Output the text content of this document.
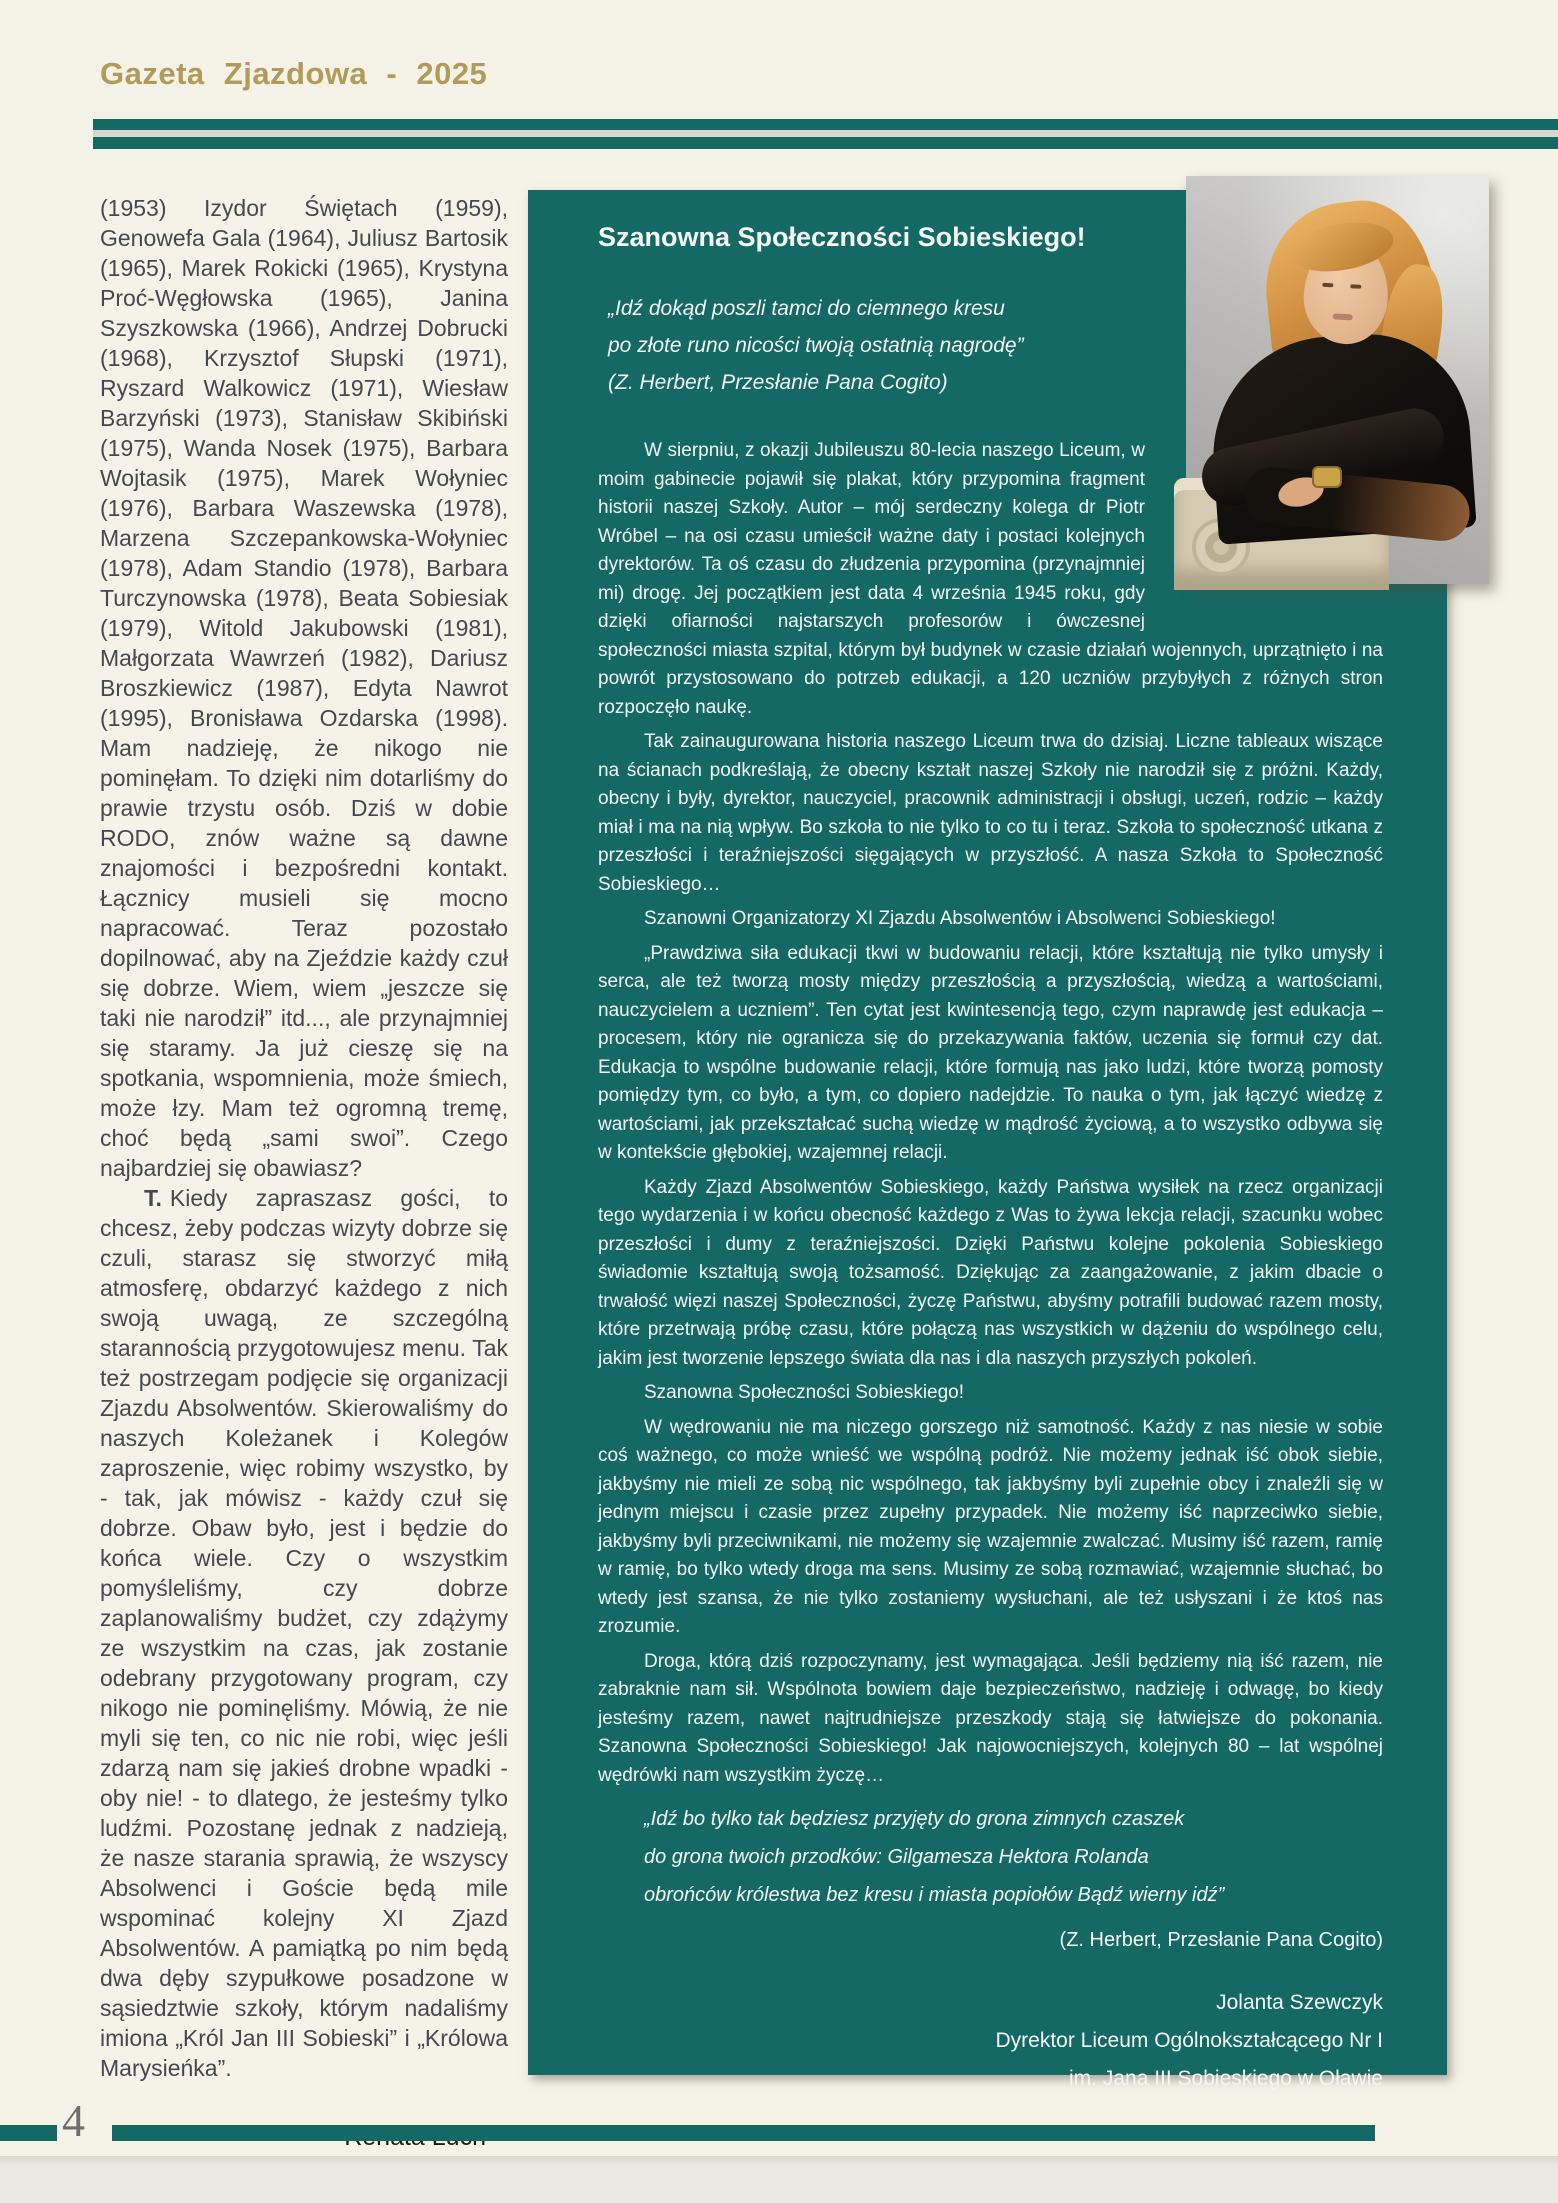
Gazeta Zjazdowa - 2025

(1953) Izydor Świętach (1959), Genowefa Gala (1964), Juliusz Bartosik (1965), Marek Rokicki (1965), Krystyna Proć-Węgłowska (1965), Janina Szyszkowska (1966), Andrzej Dobrucki (1968), Krzysztof Słupski (1971), Ryszard Walkowicz (1971), Wiesław Barzyński (1973), Stanisław Skibiński (1975), Wanda Nosek (1975), Barbara Wojtasik (1975), Marek Wołyniec (1976), Barbara Waszewska (1978), Marzena Szczepankowska-Wołyniec (1978), Adam Standio (1978), Barbara Turczynowska (1978), Beata Sobiesiak (1979), Witold Jakubowski (1981), Małgorzata Wawrzeń (1982), Dariusz Broszkiewicz (1987), Edyta Nawrot (1995), Bronisława Ozdarska (1998). Mam nadzieję, że nikogo nie pominęłam. To dzięki nim dotarliśmy do prawie trzystu osób. Dziś w dobie RODO, znów ważne są dawne znajomości i bezpośredni kontakt. Łącznicy musieli się mocno napracować. Teraz pozostało dopilnować, aby na Zjeździe każdy czuł się dobrze. Wiem, wiem „jeszcze się taki nie narodził” itd..., ale przynajmniej się staramy. Ja już cieszę się na spotkania, wspomnienia, może śmiech, może łzy. Mam też ogromną tremę, choć będą „sami swoi”. Czego najbardziej się obawiasz?

T. Kiedy zapraszasz gości, to chcesz, żeby podczas wizyty dobrze się czuli, starasz się stworzyć miłą atmosferę, obdarzyć każdego z nich swoją uwagą, ze szczególną starannością przygotowujesz menu. Tak też postrzegam podjęcie się organizacji Zjazdu Absolwentów. Skierowaliśmy do naszych Koleżanek i Kolegów zaproszenie, więc robimy wszystko, by - tak, jak mówisz - każdy czuł się dobrze. Obaw było, jest i będzie do końca wiele. Czy o wszystkim pomyśleliśmy, czy dobrze zaplanowaliśmy budżet, czy zdążymy ze wszystkim na czas, jak zostanie odebrany przygotowany program, czy nikogo nie pominęliśmy. Mówią, że nie myli się ten, co nic nie robi, więc jeśli zdarzą nam się jakieś drobne wpadki - oby nie! - to dlatego, że jesteśmy tylko ludźmi. Pozostanę jednak z nadzieją, że nasze starania sprawią, że wszyscy Absolwenci i Goście będą mile wspominać kolejny XI Zjazd Absolwentów. A pamiątką po nim będą dwa dęby szypułkowe posadzone w sąsiedztwie szkoły, którym nadaliśmy imiona „Król Jan III Sobieski” i „Królowa Marysieńka”.

Szanowna Społeczności Sobieskiego!
„Idź dokąd poszli tamci do ciemnego kresu
po złote runo nicości twoją ostatnią nagrodę”
(Z. Herbert, Przesłanie Pana Cogito)

W sierpniu, z okazji Jubileuszu 80-lecia naszego Liceum, w moim gabinecie pojawił się plakat, który przypomina fragment historii naszej Szkoły. Autor – mój serdeczny kolega dr Piotr Wróbel – na osi czasu umieścił ważne daty i postaci kolejnych dyrektorów. Ta oś czasu do złudzenia przypomina (przynajmniej mi) drogę. Jej początkiem jest data 4 września 1945 roku, gdy dzięki ofiarności najstarszych profesorów i ówczesnej społeczności miasta szpital, którym był budynek w czasie działań wojennych, uprzątnięto i na powrót przystosowano do potrzeb edukacji, a 120 uczniów przybyłych z różnych stron rozpoczęło naukę.

Tak zainaugurowana historia naszego Liceum trwa do dzisiaj. Liczne tableaux wiszące na ścianach podkreślają, że obecny kształt naszej Szkoły nie narodził się z próżni. Każdy, obecny i były, dyrektor, nauczyciel, pracownik administracji i obsługi, uczeń, rodzic – każdy miał i ma na nią wpływ. Bo szkoła to nie tylko to co tu i teraz. Szkoła to społeczność utkana z przeszłości i teraźniejszości sięgających w przyszłość. A nasza Szkoła to Społeczność Sobieskiego…

Szanowni Organizatorzy XI Zjazdu Absolwentów i Absolwenci Sobieskiego!

„Prawdziwa siła edukacji tkwi w budowaniu relacji, które kształtują nie tylko umysły i serca, ale też tworzą mosty między przeszłością a przyszłością, wiedzą a wartościami, nauczycielem a uczniem”. Ten cytat jest kwintesencją tego, czym naprawdę jest edukacja – procesem, który nie ogranicza się do przekazywania faktów, uczenia się formuł czy dat. Edukacja to wspólne budowanie relacji, które formują nas jako ludzi, które tworzą pomosty pomiędzy tym, co było, a tym, co dopiero nadejdzie. To nauka o tym, jak łączyć wiedzę z wartościami, jak przekształcać suchą wiedzę w mądrość życiową, a to wszystko odbywa się w kontekście głębokiej, wzajemnej relacji.

Każdy Zjazd Absolwentów Sobieskiego, każdy Państwa wysiłek na rzecz organizacji tego wydarzenia i w końcu obecność każdego z Was to żywa lekcja relacji, szacunku wobec przeszłości i dumy z teraźniejszości. Dzięki Państwu kolejne pokolenia Sobieskiego świadomie kształtują swoją tożsamość. Dziękując za zaangażowanie, z jakim dbacie o trwałość więzi naszej Społeczności, życzę Państwu, abyśmy potrafili budować razem mosty, które przetrwają próbę czasu, które połączą nas wszystkich w dążeniu do wspólnego celu, jakim jest tworzenie lepszego świata dla nas i dla naszych przyszłych pokoleń.

Szanowna Społeczności Sobieskiego!

W wędrowaniu nie ma niczego gorszego niż samotność. Każdy z nas niesie w sobie coś ważnego, co może wnieść we wspólną podróż. Nie możemy jednak iść obok siebie, jakbyśmy nie mieli ze sobą nic wspólnego, tak jakbyśmy byli zupełnie obcy i znaleźli się w jednym miejscu i czasie przez zupełny przypadek. Nie możemy iść naprzeciwko siebie, jakbyśmy byli przeciwnikami, nie możemy się wzajemnie zwalczać. Musimy iść razem, ramię w ramię, bo tylko wtedy droga ma sens. Musimy ze sobą rozmawiać, wzajemnie słuchać, bo wtedy jest szansa, że nie tylko zostaniemy wysłuchani, ale też usłyszani i że ktoś nas zrozumie.

Droga, którą dziś rozpoczynamy, jest wymagająca. Jeśli będziemy nią iść razem, nie zabraknie nam sił. Wspólnota bowiem daje bezpieczeństwo, nadzieję i odwagę, bo kiedy jesteśmy razem, nawet najtrudniejsze przeszkody stają się łatwiejsze do pokonania. Szanowna Społeczności Sobieskiego! Jak najowocniejszych, kolejnych 80 – lat wspólnej wędrówki nam wszystkim życzę…

„Idź bo tylko tak będziesz przyjęty do grona zimnych czaszek
do grona twoich przodków: Gilgamesza Hektora Rolanda
obrońców królestwa bez kresu i miasta popiołów Bądź wierny idź”
(Z. Herbert, Przesłanie Pana Cogito)
Jolanta Szewczyk
Dyrektor Liceum Ogólnokształcącego Nr I
im. Jana III Sobieskiego w Oławie
4
